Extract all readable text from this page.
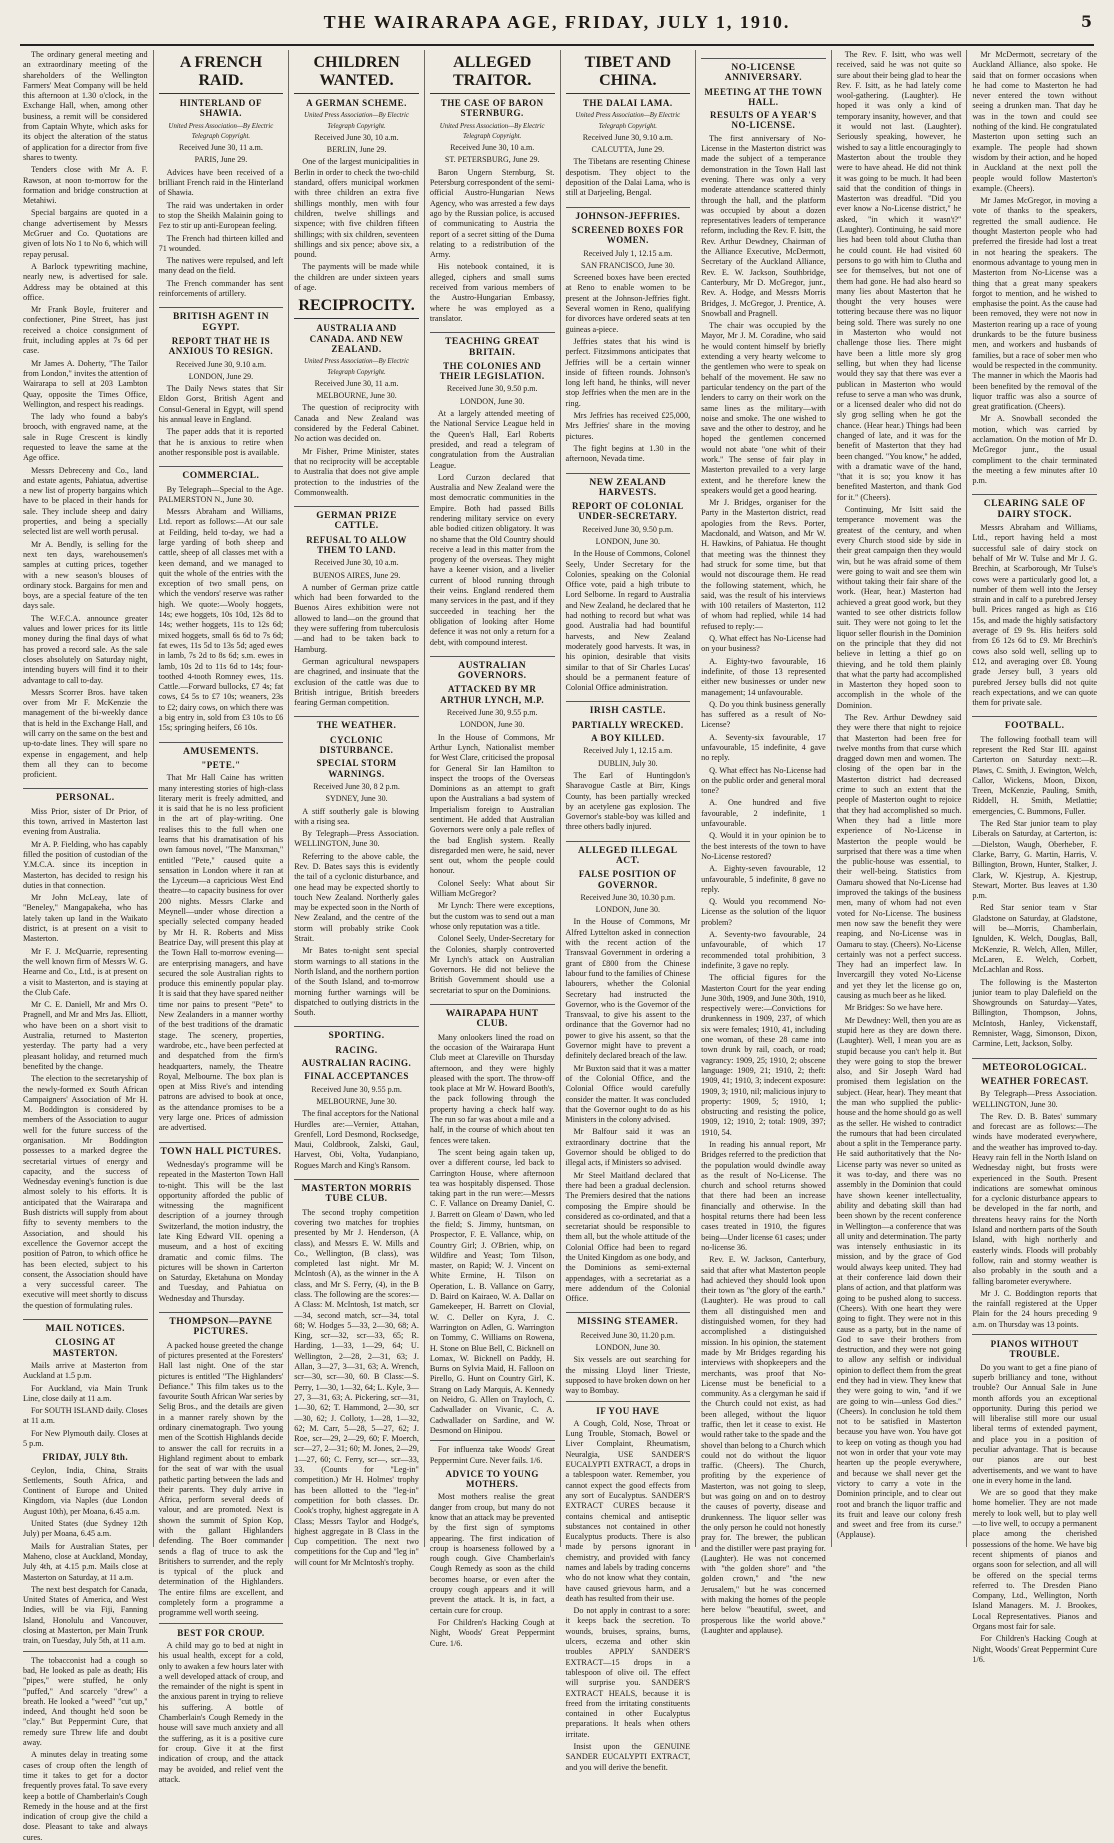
THE WAIRARAPA AGE, FRIDAY, JULY 1, 1910.	5

The ordinary general meeting and an extraordinary meeting of the shareholders of the Wellington Farmers' Meat Company will be held this afternoon at 1.30 o'clock, in the Exchange Hall, when, among other business, a remit will be considered from Captain Whyte, which asks for its object the alteration of the status of application for a director from five shares to twenty.

Tenders close with Mr A. F. Rawson, at noon to-morrow for the formation and bridge construction at Metahiwi.

Special bargains are quoted in a change advertisement by Messrs McGruer and Co. Quotations are given of lots No 1 to No 6, which will repay perusal.

A Barlock typewriting machine, nearly new, is advertised for sale. Address may be obtained at this office.

Mr Frank Boyle, fruiterer and confectioner, Pine Street, has just received a choice consignment of fruit, including apples at 7s 6d per case.

Mr James A. Doherty, "The Tailor from London," invites the attention of Wairarapa to sell at 203 Lambton Quay, opposite the Times Office, Wellington, and respect his readings.

The lady who found a baby's brooch, with engraved name, at the sale in Ruge Crescent is kindly requested to leave the same at the Age office.

Messrs Debreceny and Co., land and estate agents, Pahiatua, advertise a new list of property bargains which have to be placed in their hands for sale. They include sheep and dairy properties, and being a specially selected list are well worth perusal.

Mr A. Bendly, is selling for the next ten days, warehousemen's samples at cutting prices, together with a new season's blouses of ordinary stock. Bargains for men and boys, are a special feature of the ten days sale.

The W.F.C.A. announce greater values and lower prices for its little money during the final days of what has proved a record sale. As the sale closes absolutely on Saturday night, intending buyers will find it to their advantage to call to-day.

Messrs Scorrer Bros. have taken over from Mr F. McKenzie the management of the bi-weekly dance that is held in the Exchange Hall, and will carry on the same on the best and up-to-date lines. They will spare no expense in engagement, and help them all they can to become proficient.

PERSONAL.

Miss Prior, sister of Dr Prior, of this town, arrived in Masterton last evening from Australia.

Mr A. P. Fielding, who has capably filled the position of custodian of the Y.M.C.A. since its inception in Masterton, has decided to resign his duties in that connection.

Mr John McLeay, late of "Beneley," Mangapakeha, who has lately taken up land in the Waikato district, is at present on a visit to Masterton.

Mr F. J. McQuarrie, representing the well known firm of Messrs W. G. Hearne and Co., Ltd., is at present on a visit to Masterton, and is staying at the Club Cafe.

Mr C. E. Daniell, Mr and Mrs O. Pragnell, and Mr and Mrs Jas. Elliott, who have been on a short visit to Australia, returned to Masterton yesterday. The party had a very pleasant holiday, and returned much benefited by the change.

The election to the secretaryship of the newly-formed ex South African Campaigners' Association of Mr H. M. Boddington is considered by members of the Association to augur well for the future success of the organisation. Mr Boddington possesses to a marked degree the secretarial virtues of energy and capacity, and the success of Wednesday evening's function is due almost solely to his efforts. It is anticipated that the Wairarapa and Bush districts will supply from about fifty to seventy members to the Association, and should his excellence the Governor accept the position of Patron, to which office he has been elected, subject to his consent, the Association should have a very successful career. The executive will meet shortly to discuss the question of formulating rules.

MAIL NOTICES.
CLOSING AT MASTERTON.

Mails arrive at Masterton from Auckland at 1.5 p.m.

For Auckland, via Main Trunk Line, close daily at 11 a.m.

For SOUTH ISLAND daily. Closes at 11 a.m.

For New Plymouth daily. Closes at 5 p.m.

FRIDAY, JULY 8th.

Ceylon, India, China, Straits Settlements, South Africa, and Continent of Europe and United Kingdom, via Naples (due London August 10th), per Moana, 6.45 a.m.

United States (due Sydney 12th July) per Moana, 6.45 a.m.

Mails for Australian States, per Maheno, close at Auckland, Monday, July 4th, at 4.15 p.m. Mails close at Masterton on Saturday, at 11 a.m.

The next best despatch for Canada, United States of America, and West Indies, will be via Fiji, Fanning Island, Honolulu and Vancouver, closing at Masterton, per Main Trunk train, on Tuesday, July 5th, at 11 a.m.

The tobacconist had a cough so bad, He looked as pale as death; His "pipes," were stuffed, he only "puffed," And scarcely "drew" a breath. He looked a "weed" "cut up," indeed, And thought he'd soon be "clay." But Peppermint Cure, that remedy sure Threw life and doubt away.

A minutes delay in treating some cases of croup often the length of time it takes to get for a doctor frequently proves fatal. To save every keep a bottle of Chamberlain's Cough Remedy in the house and at the first indication of croup give the child a dose. Pleasant to take and always cures.

A FRENCH RAID.
HINTERLAND OF SHAWIA.
United Press Association—By Electric Telegraph Copyright.
Received June 30, 11 a.m.
PARIS, June 29.

Advices have been received of a brilliant French raid in the Hinterland of Shawia.

The raid was undertaken in order to stop the Sheikh Malainin going to Fez to stir up anti-European feeling.

The French had thirteen killed and 71 wounded.

The natives were repulsed, and left many dead on the field.

The French commander has sent reinforcements of artillery.

BRITISH AGENT IN EGYPT.
REPORT THAT HE IS ANXIOUS TO RESIGN.
Received June 30, 9.10 a.m.
LONDON, June 29.

The Daily News states that Sir Eldon Gorst, British Agent and Consul-General in Egypt, will spend his annual leave in England.

The paper adds that it is reported that he is anxious to retire when another responsible post is available.

COMMERCIAL.

By Telegraph—Special to the Age. PALMERSTON N., June 30.

Messrs Abraham and Williams, Ltd. report as follows:—At our sale at Feilding, held to-day, we had a large yarding of both sheep and cattle, sheep of all classes met with a keen demand, and we managed to quit the whole of the entries with the exception of two small pens, on which the vendors' reserve was rather high. We quote:—Wooly hoggets, 14s; ewe hoggets, 10s 10d, 12s 8d to 14s; wether hoggets, 11s to 12s 6d; mixed hoggets, small 6s 6d to 7s 6d; fat ewes, 11s 5d to 13s 5d; aged ewes in lamb, 7s 2d to 8s 6d; s.m. ewes in lamb, 10s 2d to 11s 6d to 14s; four-toothed 4-tooth Romney ewes, 11s. Cattle.—Forward bullocks, £7 4s; fat cows, £4 5s to £7 10s; weaners, 23s to £2; dairy cows, on which there was a big entry in, sold from £3 10s to £6 15s; springing heifers, £6 10s.

AMUSEMENTS.
"PETE."

That Mr Hall Caine has written many interesting stories of high-class literary merit is freely admitted, and it is said that he is no less proficient in the art of play-writing. One realises this to the full when one learns that his dramatisation of his own famous novel, "The Manxman," entitled "Pete," caused quite a sensation in London where it ran at the Lyceum—a capricious West End theatre—to capacity business for over 200 nights. Messrs Clarke and Meynell—under whose direction a specially selected company headed by Mr H. R. Roberts and Miss Beatrice Day, will present this play at the Town Hall to-morrow evening—are enterprising managers, and have secured the sole Australian rights to produce this eminently popular play. It is said that they have spared neither time nor pains to present "Pete" to New Zealanders in a manner worthy of the best traditions of the dramatic stage. The scenery, properties, wardrobe, etc., have been perfected at and despatched from the firm's headquarters, namely, the Theatre Royal, Melbourne. The box plan is open at Miss Rive's and intending patrons are advised to book at once, as the attendance promises to be a very large one. Prices of admission are advertised.

TOWN HALL PICTURES.

Wednesday's programme will be repeated in the Masterton Town Hall to-night. This will be the last opportunity afforded the public of witnessing the magnificent description of a journey through Switzerland, the motion industry, the late King Edward VII. opening a museum, and a host of exciting dramatic and comic films. The pictures will be shown in Carterton on Saturday, Eketahuna on Monday and Tuesday, and Pahiatua on Wednesday and Thursday.

THOMPSON—PAYNE PICTURES.

A packed house greeted the change of pictures presented at the Foresters' Hall last night. One of the star pictures is entitled "The Highlanders' Defiance." This film takes us to the favourite South African War series by Selig Bros., and the details are given in a manner rarely shown by the ordinary cinematograph. Two young men of the Scottish Highlands decide to answer the call for recruits in a Highland regiment about to embark for the seat of war with the usual pathetic parting between the lads and their parents. They duly arrive in Africa, perform several deeds of valour, and are promoted. Next is shown the summit of Spion Kop, with the gallant Highlanders defending. The Boer commander sends a flag of truce to ask the Britishers to surrender, and the reply is typical of the pluck and determination of the Highlanders. The entire films are excellent, and completely form a programme a programme well worth seeing.

BEST FOR CROUP.

A child may go to bed at night in his usual health, except for a cold, only to awaken a few hours later with a well developed attack of croup, and the remainder of the night is spent in the anxious parent in trying to relieve his suffering. A bottle of Chamberlain's Cough Remedy in the house will save much anxiety and all the suffering, as it is a positive cure for croup. Give it at the first indication of croup, and the attack may be avoided, and relief vent the attack.

CHILDREN WANTED.
A GERMAN SCHEME.
United Press Association—By Electric Telegraph Copyright.
Received June 30, 10 a.m.
BERLIN, June 29.

One of the largest municipalities in Berlin in order to check the two-child standard, offers municipal workmen with three children an extra five shillings monthly, men with four children, twelve shillings and sixpence; with five children fifteen shillings; with six children, seventeen shillings and six pence; above six, a pound.

The payments will be made while the children are under sixteen years of age.

RECIPROCITY.
AUSTRALIA AND CANADA. AND NEW ZEALAND.
United Press Association—By Electric Telegraph Copyright.
Received June 30, 11 a.m.
MELBOURNE, June 30.

The question of reciprocity with Canada and New Zealand was considered by the Federal Cabinet. No action was decided on.

Mr Fisher, Prime Minister, states that no reciprocity will be acceptable to Australia that does not give ample protection to the industries of the Commonwealth.

GERMAN PRIZE CATTLE.
REFUSAL TO ALLOW THEM TO LAND.
Received June 30, 10 a.m.
BUENOS AIRES, June 29.

A number of German prize cattle which had been forwarded to the Buenos Aires exhibition were not allowed to land—on the ground that they were suffering from tuberculosis—and had to be taken back to Hamburg.

German agricultural newspapers are chagrined, and insinuate that the exclusion of the cattle was due to British intrigue, British breeders fearing German competition.

THE WEATHER.
CYCLONIC DISTURBANCE.
SPECIAL STORM WARNINGS.
Received June 30, 8 2 p.m.
SYDNEY, June 30.

A stiff southerly gale is blowing with a rising sea.

By Telegraph—Press Association. WELLINGTON, June 30.

Referring to the above cable, the Rev. D. Bates says this is evidently the tail of a cyclonic disturbance, and one head may be expected shortly to touch New Zealand. Northerly gales may be expected soon in the North of New Zealand, and the centre of the storm will probably strike Cook Strait.

Mr Bates to-night sent special storm warnings to all stations in the North Island, and the northern portion of the South Island, and to-morrow morning further warnings will be dispatched to outlying districts in the South.

SPORTING.
RACING.
AUSTRALIAN RACING.
FINAL ACCEPTANCES
Received June 30, 9.55 p.m.
MELBOURNE, June 30.

The final acceptors for the National Hurdles are:—Vernier, Attahan, Grenfell, Lord Desmond, Rocksedge, Maui, Coldbrook, Zalski, Gaul, Harvest, Obi, Volta, Yudanpiano, Rogues March and King's Ransom.

MASTERTON MORRIS TUBE CLUB.

The second trophy competition covering two matches for trophies presented by Mr J. Henderson, (A class), and Messrs E. W. Mills and Co., Wellington, (B class), was completed last night. Mr M. McIntosh (A), as the winner in the A class, and Mr S. Ferry, (4), in the B class. The following are the scores:—A Class: M. McIntosh, 1st match, scr—34, second match, scr—34, total 68; W. Hodges 5—33, 2—30, 68; A. King, scr—32, scr—33, 65; R. Harding, 1—33, 1—29, 64; U. Wellington, 2—28, 2—31, 63; J. Allan, 3—27, 3—31, 63; A. Wrench, scr—30, scr—30, 60. B Class:—S. Perry, 1—30, 1—32, 64; L. Kyle, 3—27, 3—31, 63; A. Pickering, scr—31, 1—30, 62; T. Hammond, 2—30, scr—30, 62; J. Colloty, 1—28, 1—32, 62; M. Carr, 5—28, 5—27, 62; J. Roe, scr—29, 2—29, 60; F. Moerch, scr—27, 2—31; 60; M. Jones, 2—29, 1—27, 60; C. Ferry, scr—, scr—33, 33. (Counts for "Leg-in" competition.) Mr H. Holmes' trophy has been allotted to the "leg-in" competition for both classes. Dr. Cook's trophy, highest aggregate in A Class; Messrs Taylor and Hodge's, highest aggregate in B Class in the Cup competition. The next two competitions for the Cup and "leg in" will count for Mr McIntosh's trophy.

ALLEGED TRAITOR.
THE CASE OF BARON STERNBURG.
United Press Association—By Electric Telegraph Copyright.
Received June 30, 10 a.m.
ST. PETERSBURG, June 29.

Baron Ungern Sternburg, St. Petersburg correspondent of the semi-official Austro-Hungarian News Agency, who was arrested a few days ago by the Russian police, is accused of communicating to Austria the report of a secret sitting of the Duma relating to a redistribution of the Army.

His notebook contained, it is alleged, ciphers and small sums received from various members of the Austro-Hungarian Embassy, where he was employed as a translator.

TEACHING GREAT BRITAIN.
THE COLONIES AND THEIR LEGISLATION.
Received June 30, 9.50 p.m.
LONDON, June 30.

At a largely attended meeting of the National Service League held in the Queen's Hall, Earl Roberts presided, and read a telegram of congratulation from the Australian League.

Lord Curzon declared that Australia and New Zealand were the most democratic communities in the Empire. Both had passed Bills rendering military service on every able bodied citizen obligatory. It was no shame that the Old Country should receive a lead in this matter from the progeny of the overseas. They might have a keener vision, and a livelier current of blood running through their veins. England rendered them many services in the past, and if they succeeded in teaching her the obligation of looking after Home defence it was not only a return for a debt, with compound interest.

AUSTRALIAN GOVERNORS.
ATTACKED BY MR ARTHUR LYNCH, M.P.
Received June 30, 9.55 p.m.
LONDON, June 30.

In the House of Commons, Mr Arthur Lynch, Nationalist member for West Clare, criticised the proposal for General Sir Ian Hamilton to inspect the troops of the Overseas Dominions as an attempt to graft upon the Australians a bad system of Imperialism foreign to Australian sentiment. He added that Australian Governors were only a pale reflex of the bad English system. Really disregarded men were, he said, never sent out, whom the people could honour.

Colonel Seely: What about Sir William McGregor?

Mr Lynch: There were exceptions, but the custom was to send out a man whose only reputation was a title.

Colonel Seely, Under-Secretary for the Colonies, sharply controverted Mr Lynch's attack on Australian Governors. He did not believe the British Government should use a secretariat to spur on the Dominions.

WAIRAPAPA HUNT CLUB.

Many onlookers lined the road on the occasion of the Wairarapa Hunt Club meet at Clareville on Thursday afternoon, and they were highly pleased with the sport. The throw-off took place at Mr W. Howard Booth's, the pack following through the property having a check half way. The run so far was about a mile and a half, in the course of which about ten fences were taken.

The scent being again taken up, over a different course, led back to Carrington House, where afternoon tea was hospitably dispensed. Those taking part in the run were:—Messrs C. F. Vallance on Dreamy Daniel, C. J. Barrett on Gleam o' Dawn, who led the field; S. Jimmy, huntsman, on Prospector, F. E. Vallance, whip, on Country Girl; J. O'Brien, whip, on Wildfire and Yeast; Tom Tilson, master, on Rapid; W. J. Vincent on White Ermine, H. Tilson on Operation, L. B. Vallance on Garry, D. Baird on Kairaeo, W. A. Dallar on Gamekeeper, H. Barrett on Clovial, W. C. Deller on Kyra, J. C. Warrington on Adlen, G. Warrington on Tommy, C. Williams on Rowena, H. Stone on Blue Bell, C. Bicknell on Lomax, W. Bicknell on Paddy, H. Burns on Sylvia Maid, H. Falloon on Pirello, G. Hunt on Country Girl, K. Strang on Lady Marquis, A. Kennedy on Neidro, G. Allen on Trayloch, C. Cadwallader on Vivanic, C. A. Cadwallader on Sardine, and W. Desmond on Hinipou.

For influenza take Woods' Great Peppermint Cure. Never fails. 1/6.

ADVICE TO YOUNG MOTHERS.

Most mothers realise the great danger from croup, but many do not know that an attack may be prevented by the first sign of symptoms appearing. The first indication of croup is hoarseness followed by a rough cough. Give Chamberlain's Cough Remedy as soon as the child becomes hoarse, or even after the croupy cough appears and it will prevent the attack. It is, in fact, a certain cure for croup.

For Children's Hacking Cough at Night, Woods' Great Peppermint Cure. 1/6.

TIBET AND CHINA.
THE DALAI LAMA.
United Press Association—By Electric Telegraph Copyright.
Received June 30, 9.10 a.m.
CALCUTTA, June 29.

The Tibetans are resenting Chinese despotism. They object to the deposition of the Dalai Lama, who is still at Darjeeling, Bengal.

JOHNSON-JEFFRIES.
SCREENED BOXES FOR WOMEN.
Received July 1, 12.15 a.m.
SAN FRANCISCO, June 30.

Screened boxes have been erected at Reno to enable women to be present at the Johnson-Jeffries fight. Several women in Reno, qualifying for divorces have ordered seats at ten guineas a-piece.

Jeffries states that his wind is perfect. Fitzsimmons anticipates that Jeffries will be a certain winner inside of fifteen rounds. Johnson's long left hand, he thinks, will never stop Jeffries when the men are in the ring.

Mrs Jeffries has received £25,000, Mrs Jeffries' share in the moving pictures.

The fight begins at 1.30 in the afternoon, Nevada time.

NEW ZEALAND HARVESTS.
REPORT OF COLONIAL UNDER-SECRETARY.
Received June 30, 9.50 p.m.
LONDON, June 30.

In the House of Commons, Colonel Seely, Under Secretary for the Colonies, speaking on the Colonial Office vote, paid a high tribute to Lord Selborne. In regard to Australia and New Zealand, he declared that he had nothing to record but what was good. Australia had had bountiful harvests, and New Zealand moderately good harvests. It was, in his opinion, desirable that visits similar to that of Sir Charles Lucas' should be a permanent feature of Colonial Office administration.

IRISH CASTLE.
PARTIALLY WRECKED.
A BOY KILLED.
Received July 1, 12.15 a.m.
DUBLIN, July 30.

The Earl of Huntingdon's Sharavogue Castle at Birr, Kings County, has been partially wrecked by an acetylene gas explosion. The Governor's stable-boy was killed and three others badly injured.

ALLEGED ILLEGAL ACT.
FALSE POSITION OF GOVERNOR.
Received June 30, 10.30 p.m.
LONDON, June 30.

In the House of Commons, Mr Alfred Lyttelton asked in connection with the recent action of the Transvaal Government in ordering a grant of £800 from the Chinese labour fund to the families of Chinese labourers, whether the Colonial Secretary had instructed the Governor, who is the Governor of the Transvaal, to give his assent to the ordinance that the Governor had no power to give his assent, so that the Governor might have to prevent a definitely declared breach of the law.

Mr Buxton said that it was a matter of the Colonial Office, and the Colonial Office would carefully consider the matter. It was concluded that the Governor ought to do as his Ministers in the colony advised.

Mr Balfour said it was an extraordinary doctrine that the Governor should be obliged to do illegal acts, if Ministers so advised.

Mr Steel Maitland declared that there had been a gradual declension. The Premiers desired that the nations composing the Empire should be considered as co-ordinated, and that a secretariat should be responsible to them all, but the whole attitude of the Colonial Office had been to regard the United Kingdom as one body, and the Dominions as semi-external appendages, with a secretariat as a mere addendum of the Colonial Office.

MISSING STEAMER.
Received June 30, 11.20 p.m.
LONDON, June 30.

Six vessels are out searching for the missing Lloyd liner Trieste, supposed to have broken down on her way to Bombay.

IF YOU HAVE

A Cough, Cold, Nose, Throat or Lung Trouble, Stomach, Bowel or Liver Complaint, Rheumatism, Neuralgia, USE SANDER'S EUCALYPTI EXTRACT, a drops in a tablespoon water. Remember, you cannot expect the good effects from any sort of Eucalyptus. SANDER'S EXTRACT CURES because it contains chemical and antiseptic substances not contained in other Eucalyptus products. There is also made by persons ignorant in chemistry, and provided with fancy names and labels by trading concerns who do not know what they contain, have caused grievous harm, and a death has resulted from their use.

Do not apply in contrast to a sore: it keeps back the secretion. To wounds, bruises, sprains, burns, ulcers, eczema and other skin troubles APPLY SANDER'S EXTRACT—15 drops in a tablespoon of olive oil. The effect will surprise you. SANDER'S EXTRACT HEALS, because it is freed from the irritating constituents contained in other Eucalyptus preparations. It heals when others irritate.

Insist upon the GENUINE SANDER EUCALYPTI EXTRACT, and you will derive the benefit.

NO-LICENSE ANNIVERSARY.
MEETING AT THE TOWN HALL.
RESULTS OF A YEAR'S NO-LICENSE.

The first anniversary of No-License in the Masterton district was made the subject of a temperance demonstration in the Town Hall last evening. There was only a very moderate attendance scattered thinly through the hall, and the platform was occupied by about a dozen representatives leaders of temperance reform, including the Rev. F. Isitt, the Rev. Arthur Dewdney, Chairman of the Alliance Executive, McDermott, Secretary of the Auckland Alliance, Rev. E. W. Jackson, Southbridge, Canterbury, Mr D. McGregor, junr., Rev. A. Hodge, and Messrs Morris Bridges, J. McGregor, J. Prentice, A. Snowball and Pragnell.

The chair was occupied by the Mayor, Mr J. M. Coradine, who said he would content himself by briefly extending a very hearty welcome to the gentlemen who were to speak on behalf of the movement. He saw no particular tendency on the part of the lenders to carry on their work on the same lines as the military—with noise and smoke. The one wished to save and the other to destroy, and he hoped the gentlemen concerned would not abate "one whit of their work." The sense of fair play in Masterton prevailed to a very large extent, and he therefore knew the speakers would get a good hearing.

Mr J. Bridges, organiser for the Party in the Masterton district, read apologies from the Revs. Porter, Macdonald, and Watson, and Mr W. H. Hawkins, of Pahiatua. He thought that meeting was the thinnest they had struck for some time, but that would not discourage them. He read the following statement, which, he said, was the result of his interviews with 100 retailers of Masterton, 112 of whom had replied, while 14 had refused to reply:—

Q. What effect has No-License had on your business?

A. Eighty-two favourable, 16 indefinite, of those 13 represented either new businesses or under new management; 14 unfavourable.

Q. Do you think business generally has suffered as a result of No-License?

A. Seventy-six favourable, 17 unfavourable, 15 indefinite, 4 gave no reply.

Q. What effect has No-License had on the public order and general moral tone?

A. One hundred and five favourable, 2 indefinite, 1 unfavourable.

Q. Would it in your opinion be to the best interests of the town to have No-License restored?

A. Eighty-seven favourable, 12 unfavourable, 5 indefinite, 8 gave no reply.

Q. Would you recommend No-License as the solution of the liquor problem?

A. Seventy-two favourable, 24 unfavourable, of which 17 recommended total prohibition, 3 indefinite, 3 gave no reply.

The official figures for the Masterton Court for the year ending June 30th, 1909, and June 30th, 1910, respectively were:—Convictions for drunkenness in 1909, 237, of which six were females; 1910, 41, including one woman, of these 28 came into town drunk by rail, coach, or road; vagrancy: 1909, 25; 1910, 2; obscene language: 1909, 21; 1910, 2; theft: 1909, 41; 1910, 3; indecent exposure: 1909, 3; 1910, nil; malicious injury to property: 1909, 5; 1910, 1; obstructing and resisting the police, 1909, 12; 1910, 2; total: 1909, 397; 1910, 54.

In reading his annual report, Mr Bridges referred to the prediction that the population would dwindle away as the result of No-License. The church and school returns showed that there had been an increase financially and otherwise. In the hospital returns there had been less cases treated in 1910, the figures being—Under license 61 cases; under no-license 36.

Rev. E. W. Jackson, Canterbury, said that after what Masterton people had achieved they should look upon their town as "the glory of the earth." (Laughter). He was proud to call them all distinguished men and distinguished women, for they had accomplished a distinguished mission. In his opinion, the statement made by Mr Bridges regarding his interviews with shopkeepers and the merchants, was proof that No-License must be beneficial to a community. As a clergyman he said if the Church could not exist, as had been alleged, without the liquor traffic, then let it cease to exist. He would rather take to the spade and the shovel than belong to a Church which could not do without the liquor traffic. (Cheers). The Church, profiting by the experience of Masterton, was not going to sleep, but was going on and on to destroy the causes of poverty, disease and drunkenness. The liquor seller was the only person he could not honestly pray for. The brewer, the publican and the distiller were past praying for. (Laughter). He was not concerned with "the golden shore" and "the golden crown," and "the new Jerusalem," but he was concerned with making the homes of the people here below "beautiful, sweet, and prosperous like the world above." (Laughter and applause).

The Rev. F. Isitt, who was well received, said he was not quite so sure about their being glad to hear the Rev. F. Isitt, as he had lately come wool-gathering. (Laughter). He hoped it was only a kind of temporary insanity, however, and that it would not last. (Laughter). Seriously speaking, however, he wished to say a little encouragingly to Masterton about the trouble they were to have ahead. He did not think it was going to be much. It had been said that the condition of things in Masterton was dreadful. "Did you ever know a No-License district," he asked, "in which it wasn't?" (Laughter). Continuing, he said more lies had been told about Clutha than he could count. He had visited 60 persons to go with him to Clutha and see for themselves, but not one of them had gone. He had also heard so many lies about Masterton that he thought the very houses were tottering because there was no liquor being sold. There was surely no one in Masterton who would not challenge those lies. There might have been a little more sly grog selling, but when they had license would they say that there was ever a publican in Masterton who would refuse to serve a man who was drunk, or a licensed dealer who did not do sly grog selling when he got the chance. (Hear hear.) Things had been changed of late, and it was for the benefit of Masterton that they had been changed. "You know," he added, with a dramatic wave of the hand, "that it is so; you know it has benefited Masterton, and thank God for it." (Cheers).

Continuing, Mr Isitt said the temperance movement was the greatest of the century, and when every Church stood side by side in their great campaign then they would win, but he was afraid some of them were going to wait and see them win without taking their fair share of the work. (Hear, hear.) Masterton had achieved a great good work, but they wanted to see other districts follow suit. They were not going to let the liquor seller flourish in the Dominion on the principle that they did not believe in letting a thief go on thieving, and he told them plainly that what the party had accomplished in Masterton they hoped soon to accomplish in the whole of the Dominion.

The Rev. Arthur Dewdney said they were there that night to rejoice that Masterton had been free for twelve months from that curse which dragged down men and women. The closing of the open bar in the Masterton district had decreased crime to such an extent that the people of Masterton ought to rejoice that they had accomplished so much. When they had a little more experience of No-License in Masterton the people would be surprised that there was a time when the public-house was essential, to their well-being. Statistics from Oamaru showed that No-License had improved the takings of the business men, many of whom had not even voted for No-License. The business men now saw the benefit they were reaping, and No-License was in Oamaru to stay. (Cheers). No-License certainly was not a perfect success. They had an imperfect law. In Invercargill they voted No-License and yet they let the license go on, causing as much beer as he liked.

Mr Bridges: So we have here.

Mr Dewdney: Well, then you are as stupid here as they are down there. (Laughter). Well, I mean you are as stupid because you can't help it. But they were going to stop the brewer also, and Sir Joseph Ward had promised them legislation on the subject. (Hear, hear). They meant that the man who supplied the public-house and the home should go as well as the seller. He wished to contradict the rumours that had been circulated about a split in the Temperance party. He said authoritatively that the No-License party was never so united as it was to-day, and there was no assembly in the Dominion that could have shown keener intellectuality, ability and debating skill than had been shown by the recent conference in Wellington—a conference that was all unity and determination. The party was intensely enthusiastic in its mission, and by the grace of God would always keep united. They had at their conference laid down their plans of action, and that platform was going to be pushed along to success. (Cheers). With one heart they were going to fight. They were not in this cause as a party, but in the name of God to save their brothers from destruction, and they were not going to allow any selfish or individual opinion to deflect them from the great end they had in view. They knew that they were going to win, "and if we are going to win—unless God dies." (Cheers). In conclusion he told them not to be satisfied in Masterton because you have won. You have got to keep on voting as though you had not won in order that your vote may hearten up the people everywhere, and because we shall never get the victory to carry a vote in the Dominion principle, and to clear out root and branch the liquor traffic and its fruit and leave our colony fresh and sweet and free from its curse." (Applause).

Mr McDermott, secretary of the Auckland Alliance, also spoke. He said that on former occasions when he had come to Masterton he had never entered the town without seeing a drunken man. That day he was in the town and could see nothing of the kind. He congratulated Masterton upon setting such an example. The people had shown wisdom by their action, and he hoped in Auckland at the next poll the people would follow Masterton's example. (Cheers).

Mr James McGregor, in moving a vote of thanks to the speakers, regretted the small audience. He thought Masterton people who had preferred the fireside had lost a treat in not hearing the speakers. The enormous advantage to young men in Masterton from No-License was a thing that a great many speakers forgot to mention, and he wished to emphasise the point. As the cause had been removed, they were not now in Masterton rearing up a race of young drunkards to be the future business men, and workers and husbands of families, but a race of sober men who would be respected in the community. The manner in which the Maoris had been benefited by the removal of the liquor traffic was also a source of great gratification. (Cheers).

Mr A. Snowball seconded the motion, which was carried by acclamation. On the motion of Mr D. McGregor junr., the usual compliment to the chair terminated the meeting a few minutes after 10 p.m.

CLEARING SALE OF DAIRY STOCK.

Messrs Abraham and Williams, Ltd., report having held a most successful sale of dairy stock on behalf of Mr W. Tulse and Mr J. G. Brechin, at Scarborough, Mr Tulse's cows were a particularly good lot, a number of them well into the Jersey strain and in calf to a purebred Jersey bull. Prices ranged as high as £16 15s, and made the highly satisfactory average of £9 9s. His heifers sold from £6 12s 6d to £9. Mr Brechin's cows also sold well, selling up to £12, and averaging over £8. Young grade Jersey bull, 3 years old purebred Jersey bulls did not quite reach expectations, and we can quote them for private sale.

FOOTBALL.

The following football team will represent the Red Star III. against Carterton on Saturday next:—R. Plaws, C. Smith, J. Ewington, Welch, Callor, Wickens, Moon, Dixon, Treen, McKenzie, Pauling, Smith, Riddell, H. Smith, Metlattie; emergencies, C. Bummons, Fuller.

The Red Star junior team to play Liberals on Saturday, at Carterton, is:—Dielston, Waugh, Oberheber, F. Clarke, Barry, G. Martin, Harris, V. Billington, Brown, Hunter, Stalker, J. Clark, W. Kjestrup, A. Kjestrup, Stewart, Morter. Bus leaves at 1.30 p.m.

Red Star senior team v Star Gladstone on Saturday, at Gladstone, will be—Morris, Chamberlain, Ignulden, K. Welch, Douglas, Ball, McKenzie, R. Welch, Allen, Miller, McLaren, E. Welch, Corbett, McLachlan and Ross.

The following is the Masterton junior team to play Dalefield on the Showgrounds on Saturday—Yates, Billington, Thompson, Johns, McIntosh, Hanley, Vickenstaff, Remnister, Wagg, Simonson, Dixon, Carmine, Lett, Jackson, Solby.

METEOROLOGICAL.
WEATHER FORECAST.

By Telegraph—Press Association. WELLINGTON, June 30.

The Rev. D. B. Bates' summary and forecast are as follows:—The winds have moderated everywhere, and the weather has improved to-day. Heavy rain fell in the North Island on Wednesday night, but frosts were experienced in the South. Present indications are somewhat ominous for a cyclonic disturbance appears to be developed in the far north, and threatens heavy rains for the North Island and northern parts of the South Island, with high northerly and easterly winds. Floods will probably follow, rain and stormy weather is also probably in the south and a falling barometer everywhere.

Mr J. C. Boddington reports that the rainfall registered at the Upper Plain for the 24 hours preceding 9 a.m. on Thursday was 13 points.

PIANOS WITHOUT TROUBLE.

Do you want to get a fine piano of superb brilliancy and tone, without trouble? Our Annual Sale in June month affords you an exceptional opportunity. During this period we will liberalise still more our usual liberal terms of extended payment, and place you in a position of peculiar advantage. That is because our pianos are our best advertisements, and we want to have one in every home in the land.

We are so good that they make home homelier. They are not made merely to look well, but to play well—to live well, to occupy a permanent place among the cherished possessions of the home. We have big recent shipments of pianos and organs soon for selection, and all will be offered on the special terms referred to. The Dresden Piano Company, Ltd., Wellington, North Island Managers. M. J. Brookes, Local Representatives. Pianos and Organs most fair for sale.

For Children's Hacking Cough at Night, Woods' Great Peppermint Cure 1/6.
